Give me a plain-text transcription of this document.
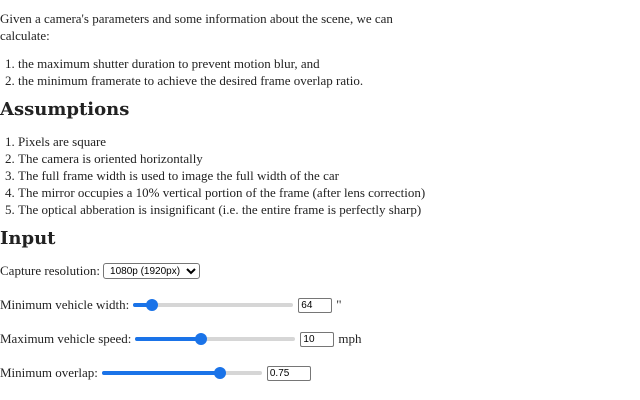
Given a camera's parameters and some information about the scene, we can calculate:

1. the maximum shutter duration to prevent motion blur, and
2. the minimum framerate to achieve the desired frame overlap ratio.
Assumptions
1. Pixels are square
2. The camera is oriented horizontally
3. The full frame width is used to image the full width of the car
4. The mirror occupies a 10% vertical portion of the frame (after lens correction)
5. The optical abberation is insignificant (i.e. the entire frame is perfectly sharp)
Input
Capture resolution:
1080p (1920px)
Minimum vehicle width:
64	"
Maximum vehicle speed:
10	mph
Minimum overlap:
0.75
